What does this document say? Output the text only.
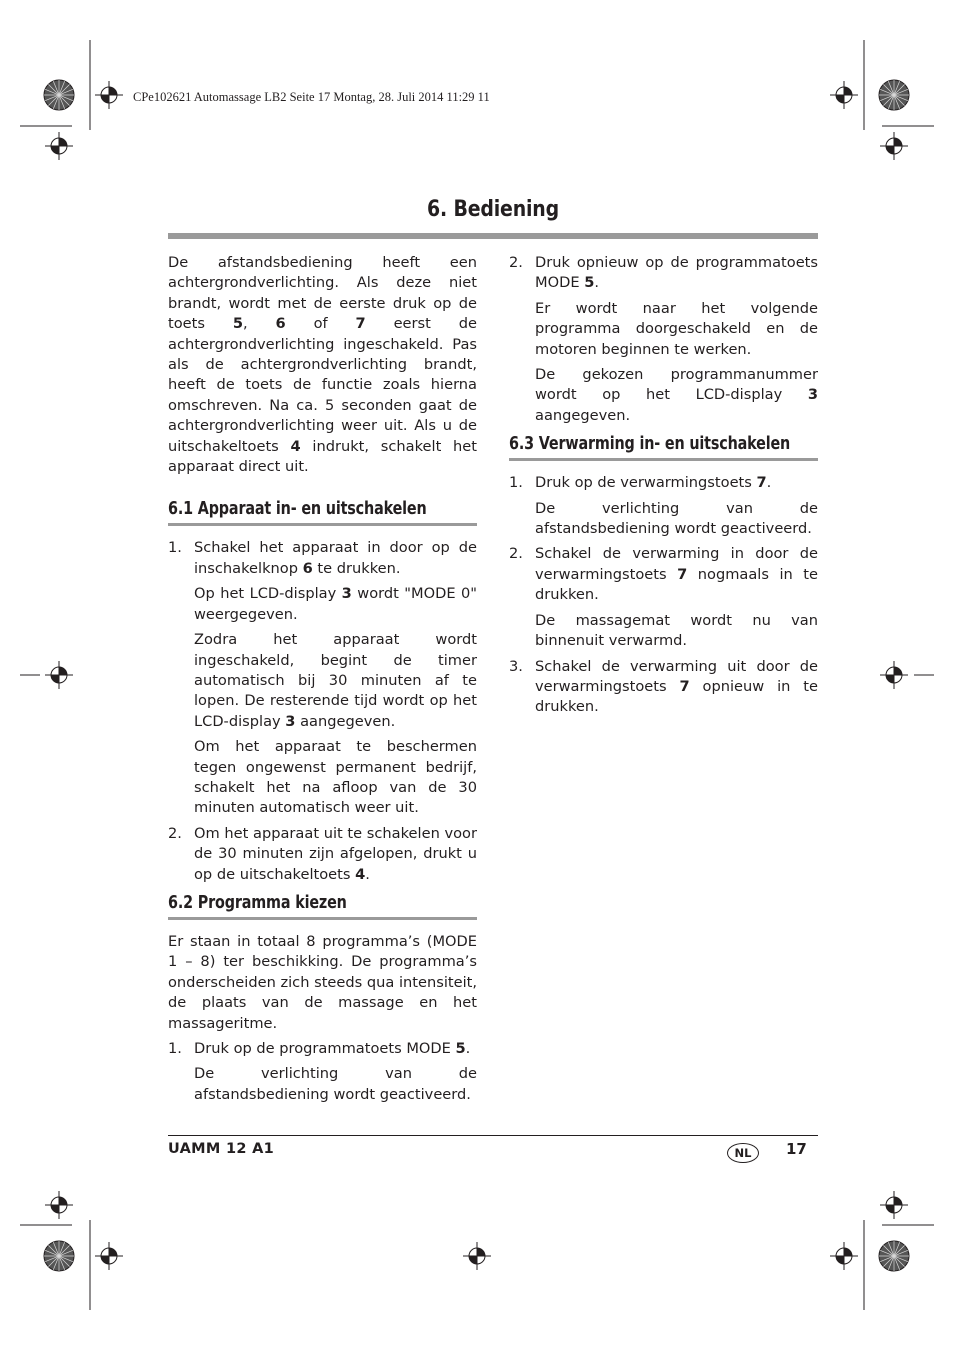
CPe102621 Automassage LB2 Seite 17 Montag, 28. Juli 2014 11:29 11
6. Bediening

De afstandsbediening heeft een achtergrondverlichting. Als deze niet brandt, wordt met de eerste druk op de toets 5, 6 of 7 eerst de achtergrondverlichting ingeschakeld. Pas als de achtergrondverlichting brandt, heeft de toets de functie zoals hierna omschreven. Na ca. 5 seconden gaat de achtergrondverlichting weer uit. Als u de uitschakeltoets 4 indrukt, schakelt het apparaat direct uit.

6.1 Apparaat in- en uitschakelen
1. Schakel het apparaat in door op de inschakelknop 6 te drukken.

Op het LCD-display 3 wordt "MODE 0" weergegeven.

Zodra het apparaat wordt ingeschakeld, begint de timer automatisch bij 30 minuten af te lopen. De resterende tijd wordt op het LCD-display 3 aangegeven.

Om het apparaat te beschermen tegen ongewenst permanent bedrijf, schakelt het na afloop van de 30 minuten automatisch weer uit.

2. Om het apparaat uit te schakelen voor de 30 minuten zijn afgelopen, drukt u op de uitschakeltoets 4.

6.2 Programma kiezen

Er staan in totaal 8 programma’s (MODE 1 – 8) ter beschikking. De programma’s onderscheiden zich steeds qua intensiteit, de plaats van de massage en het massageritme.

1. Druk op de programmatoets MODE 5.

De verlichting van de afstandsbediening wordt geactiveerd.

2. Druk opnieuw op de programmatoets MODE 5.

Er wordt naar het volgende programma doorgeschakeld en de motoren beginnen te werken.

De gekozen programmanummer wordt op het LCD-display 3 aangegeven.

6.3 Verwarming in- en uitschakelen
1. Druk op de verwarmingstoets 7.

De verlichting van de afstandsbediening wordt geactiveerd.

2. Schakel de verwarming in door de verwarmingstoets 7 nogmaals in te drukken.

De massagemat wordt nu van binnenuit verwarmd.

3. Schakel de verwarming uit door de verwarmingstoets 7 opnieuw in te drukken.

UAMM 12 A1	NL	17
